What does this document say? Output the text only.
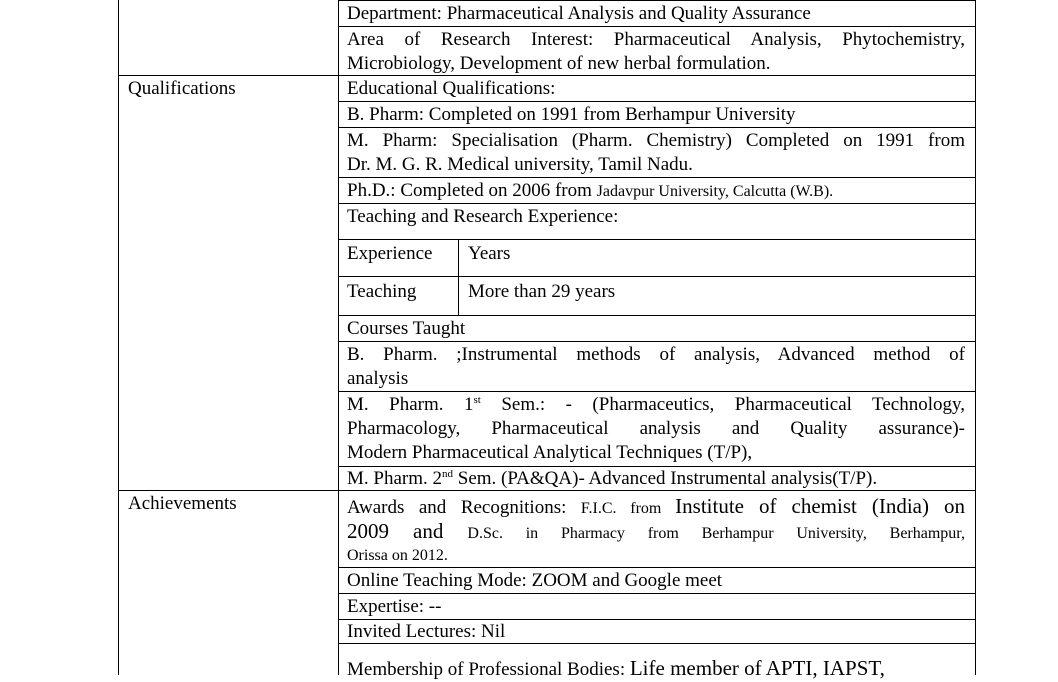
Qualifications
Achievements
Department: Pharmaceutical Analysis and Quality Assurance
Area of Research Interest: Pharmaceutical Analysis, Phytochemistry,
Microbiology, Development of new herbal formulation.
Educational Qualifications:
B. Pharm: Completed on 1991 from Berhampur University
M. Pharm: Specialisation (Pharm. Chemistry) Completed on 1991 from
Dr. M. G. R. Medical university, Tamil Nadu.
Ph.D.: Completed on 2006 from Jadavpur University, Calcutta (W.B).
Teaching and Research Experience:
Experience Years
Teaching	More than 29 years
Courses Taught
B. Pharm. ;Instrumental methods of analysis, Advanced method of
analysis
M. Pharm. 1st Sem.: - (Pharmaceutics, Pharmaceutical Technology,
Pharmacology, Pharmaceutical analysis and Quality assurance)-
Modern Pharmaceutical Analytical Techniques (T/P),
M. Pharm. 2nd Sem. (PA&QA)- Advanced Instrumental analysis(T/P).
Awards and Recognitions: F.I.C. from Institute of chemist (India) on
2009 and D.Sc. in Pharmacy from Berhampur University, Berhampur,
Orissa on 2012.
Online Teaching Mode: ZOOM and Google meet
Expertise: --
Invited Lectures: Nil
Membership of Professional Bodies: Life member of APTI, IAPST,
